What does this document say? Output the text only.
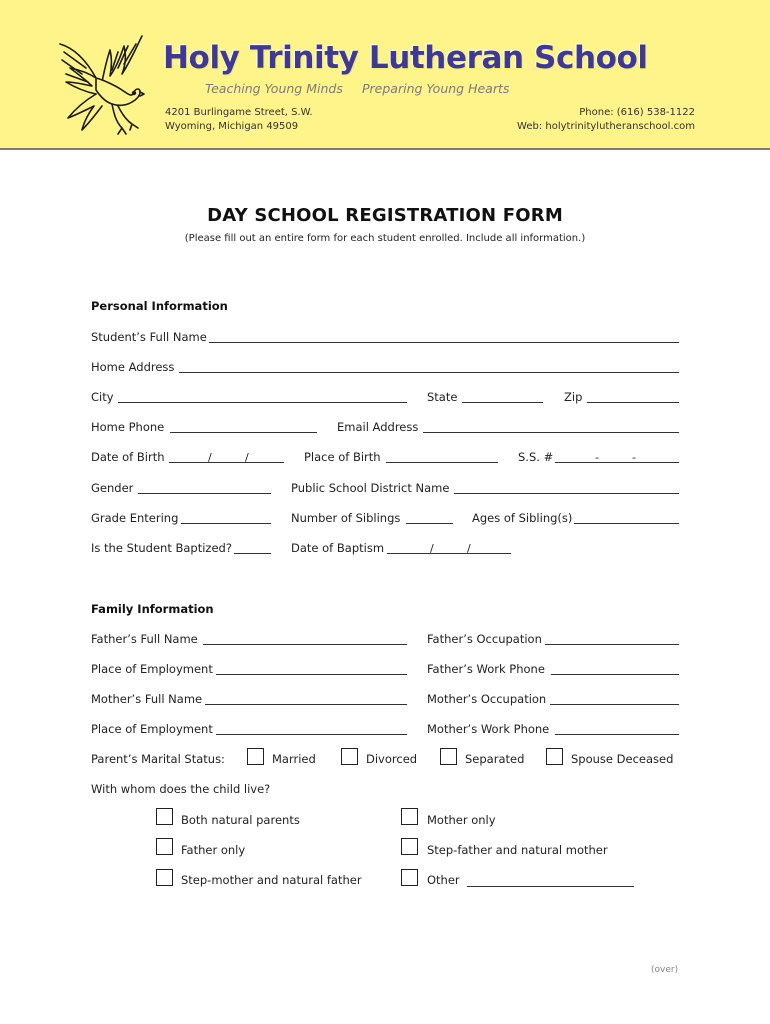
Holy Trinity Lutheran School
Teaching Young Minds Preparing Young Hearts
4201 Burlingame Street, S.W.
Wyoming, Michigan 49509
Phone: (616) 538-1122
Web: holytrinitylutheranschool.com
DAY SCHOOL REGISTRATION FORM
(Please fill out an entire form for each student enrolled. Include all information.)
Personal Information
Student’s Full Name
Home Address
City	State	Zip
Home Phone	Email Address
Date of Birth	/	/	Place of Birth	S.S. #	-	-
Gender	Public School District Name
Grade Entering	Number of Siblings	Ages of Sibling(s)
Is the Student Baptized?	Date of Baptism	/	/
Family Information
Father’s Full Name	Father’s Occupation
Place of Employment	Father’s Work Phone
Mother’s Full Name	Mother’s Occupation
Place of Employment	Mother’s Work Phone
Parent’s Marital Status:	Married	Divorced	Separated	Spouse Deceased
With whom does the child live?
Both natural parents	Mother only
Father only	Step-father and natural mother
Step-mother and natural father	Other
(over)
